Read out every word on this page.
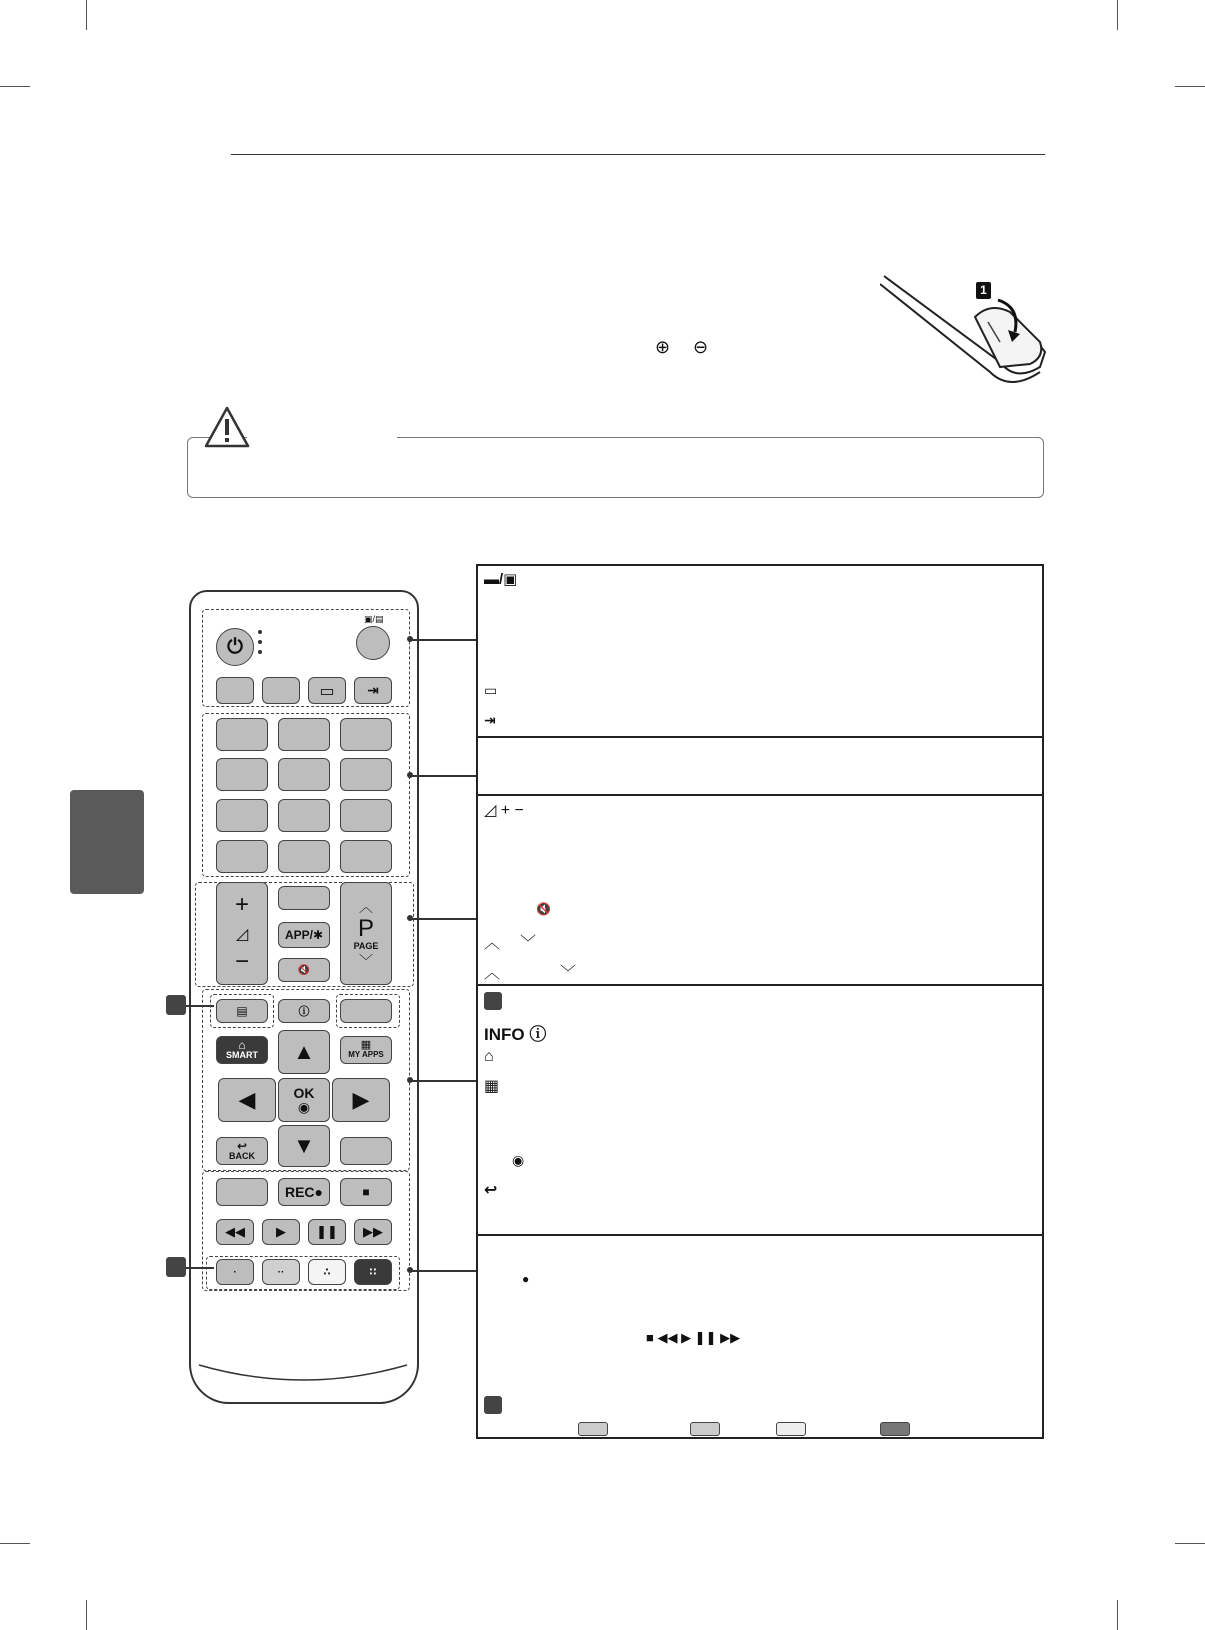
1
⊕ ⊖
⏻
▣/▤
▭	⇥
+
◿
−
APP/✱
🔇
︿
P
PAGE
﹀
▤	ⓘ
⌂
SMART
▦
MY APPS
▲
◀	OK
◉	▶
▼
↩
BACK
REC●	■
◀◀	▶	❚❚	▶▶
·	··	∴	∷
▬/▣
▭
⇥
◿ + −
🔇
︿ ﹀
︿	﹀
INFO ⓘ
⌂
▦
◉
↩
●
■ ◀◀ ▶ ❚❚ ▶▶
